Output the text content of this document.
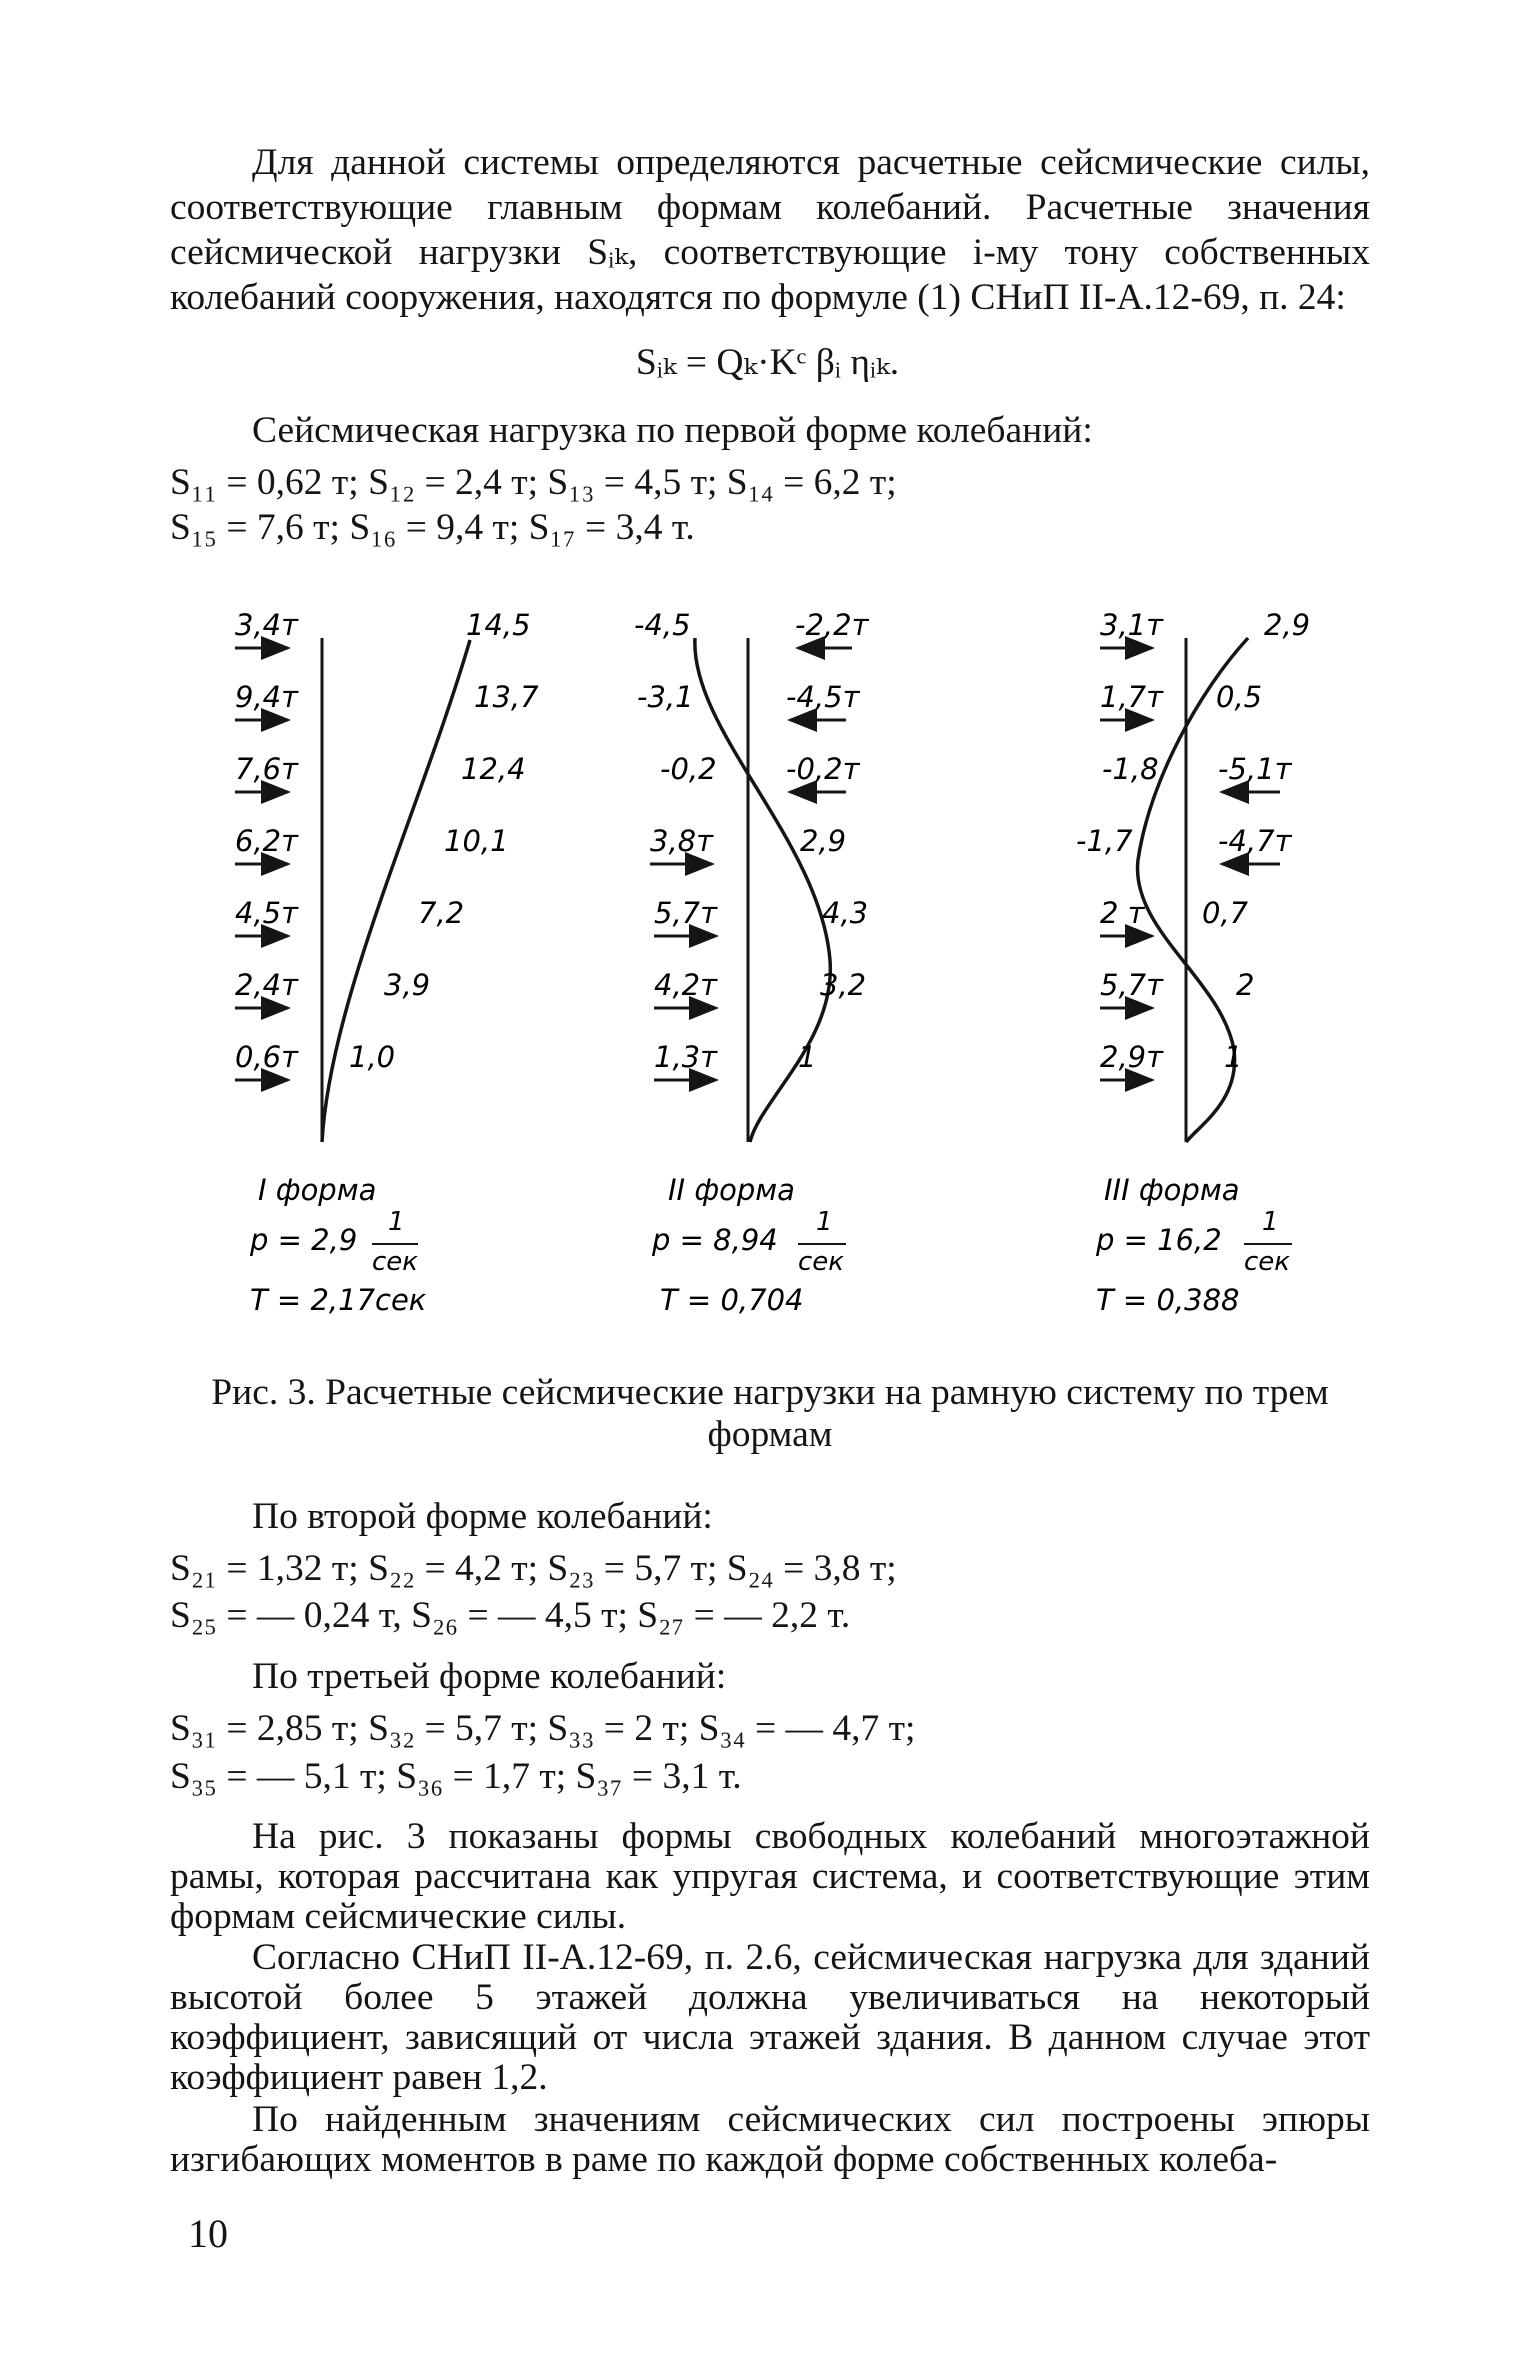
Для данной системы определяются расчетные сейсмические силы, соответствующие главным формам колебаний. Расчетные значения сейсмической нагрузки Sᵢₖ, соответствующие i-му тону собственных колебаний сооружения, находятся по формуле (1) СНиП II-А.12-69, п. 24:

Sᵢₖ = Qₖ·Kᶜ βᵢ ηᵢₖ.

Сейсмическая нагрузка по первой форме колебаний:

S₁₁ = 0,62 т; S₁₂ = 2,4 т; S₁₃ = 4,5 т; S₁₄ = 6,2 т;

S₁₅ = 7,6 т; S₁₆ = 9,4 т; S₁₇ = 3,4 т.

3,4т
9,4т
7,6т
6,2т
4,5т
2,4т
0,6т
14,5
13,7
12,4
10,1
7,2
3,9
1,0
I форма
p = 2,9
1
сек
T = 2,17сек
-4,5
-3,1
-0,2
3,8т
5,7т
4,2т
1,3т
-2,2т
-4,5т
-0,2т
2,9
4,3
3,2
1
II форма
p = 8,94
1
сек
T = 0,704
3,1т
1,7т
-1,8
-1,7
2 т
5,7т
2,9т
2,9
0,5
-5,1т
-4,7т
0,7
2
1
III форма
p = 16,2
1
сек
T = 0,388
Рис. 3. Расчетные сейсмические нагрузки на рамную систему по трем формам

По второй форме колебаний:

S₂₁ = 1,32 т; S₂₂ = 4,2 т; S₂₃ = 5,7 т; S₂₄ = 3,8 т;

S₂₅ = — 0,24 т, S₂₆ = — 4,5 т; S₂₇ = — 2,2 т.

По третьей форме колебаний:

S₃₁ = 2,85 т; S₃₂ = 5,7 т; S₃₃ = 2 т; S₃₄ = — 4,7 т;

S₃₅ = — 5,1 т; S₃₆ = 1,7 т; S₃₇ = 3,1 т.

На рис. 3 показаны формы свободных колебаний многоэтажной рамы, которая рассчитана как упругая система, и соответствующие этим формам сейсмические силы.

Согласно СНиП II-А.12-69, п. 2.6, сейсмическая нагрузка для зданий высотой более 5 этажей должна увеличиваться на некоторый коэффициент, зависящий от числа этажей здания. В данном случае этот коэффициент равен 1,2.

По найденным значениям сейсмических сил построены эпюры изгибающих моментов в раме по каждой форме собственных колеба-

10
